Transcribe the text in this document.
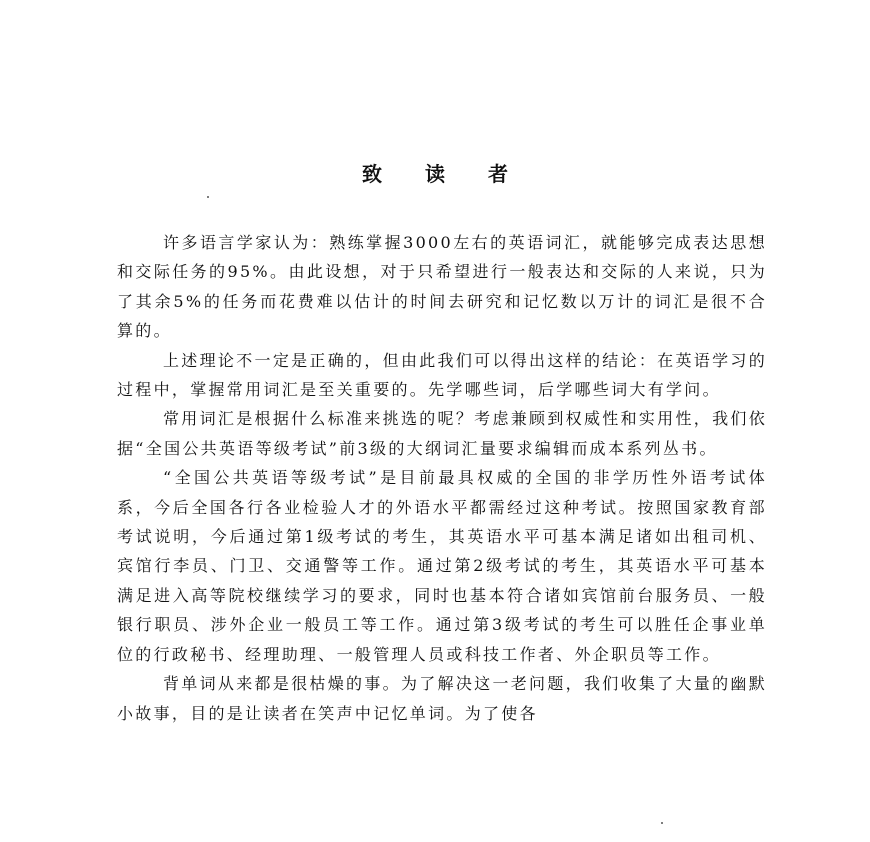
致 读 者

许多语言学家认为：熟练掌握3000左右的英语词汇，就能够完成表达思想和交际任务的95%。由此设想，对于只希望进行一般表达和交际的人来说，只为了其余5%的任务而花费难以估计的时间去研究和记忆数以万计的词汇是很不合算的。

上述理论不一定是正确的，但由此我们可以得出这样的结论：在英语学习的过程中，掌握常用词汇是至关重要的。先学哪些词，后学哪些词大有学问。

常用词汇是根据什么标准来挑选的呢？考虑兼顾到权威性和实用性，我们依据“全国公共英语等级考试”前3级的大纲词汇量要求编辑而成本系列丛书。

“全国公共英语等级考试”是目前最具权威的全国的非学历性外语考试体系，今后全国各行各业检验人才的外语水平都需经过这种考试。按照国家教育部考试说明，今后通过第1级考试的考生，其英语水平可基本满足诸如出租司机、宾馆行李员、门卫、交通警等工作。通过第2级考试的考生，其英语水平可基本满足进入高等院校继续学习的要求，同时也基本符合诸如宾馆前台服务员、一般银行职员、涉外企业一般员工等工作。通过第3级考试的考生可以胜任企事业单位的行政秘书、经理助理、一般管理人员或科技工作者、外企职员等工作。

背单词从来都是很枯燥的事。为了解决这一老问题，我们收集了大量的幽默小故事，目的是让读者在笑声中记忆单词。为了使各
